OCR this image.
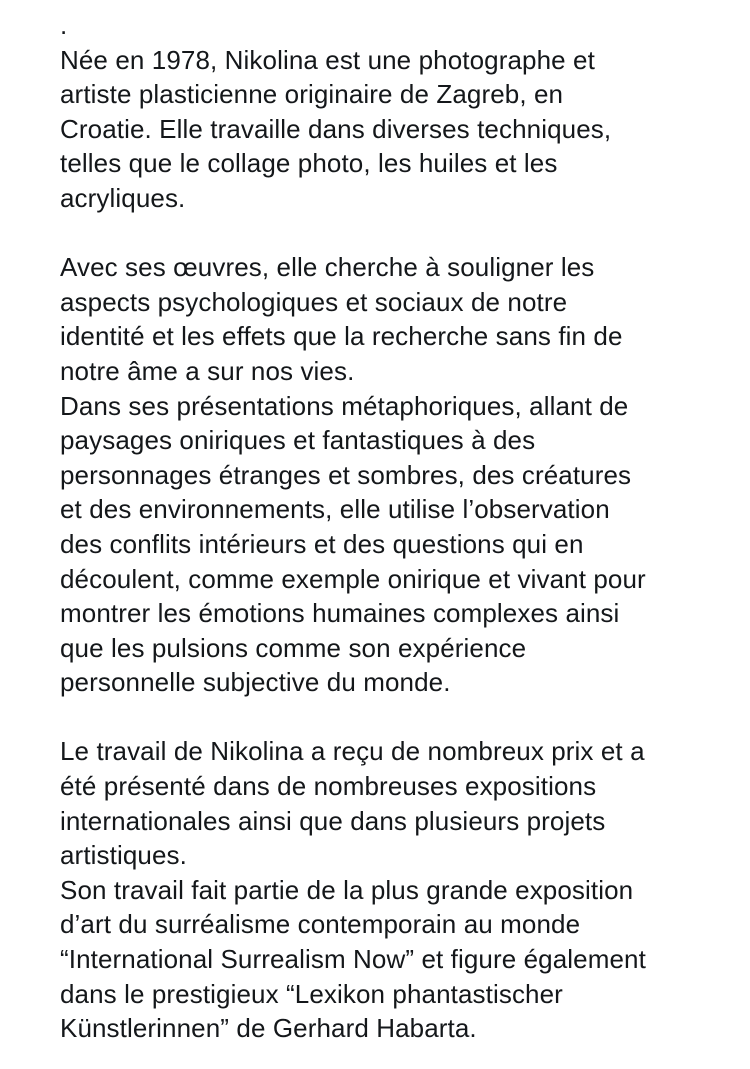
.
Née en 1978, Nikolina est une photographe et
artiste plasticienne originaire de Zagreb, en
Croatie. Elle travaille dans diverses techniques,
telles que le collage photo, les huiles et les
acryliques.
Avec ses œuvres, elle cherche à souligner les
aspects psychologiques et sociaux de notre
identité et les effets que la recherche sans fin de
notre âme a sur nos vies.
Dans ses présentations métaphoriques, allant de
paysages oniriques et fantastiques à des
personnages étranges et sombres, des créatures
et des environnements, elle utilise l’observation
des conflits intérieurs et des questions qui en
découlent, comme exemple onirique et vivant pour
montrer les émotions humaines complexes ainsi
que les pulsions comme son expérience
personnelle subjective du monde.
Le travail de Nikolina a reçu de nombreux prix et a
été présenté dans de nombreuses expositions
internationales ainsi que dans plusieurs projets
artistiques.
Son travail fait partie de la plus grande exposition
d’art du surréalisme contemporain au monde
“International Surrealism Now” et figure également
dans le prestigieux “Lexikon phantastischer
Künstlerinnen” de Gerhard Habarta.
